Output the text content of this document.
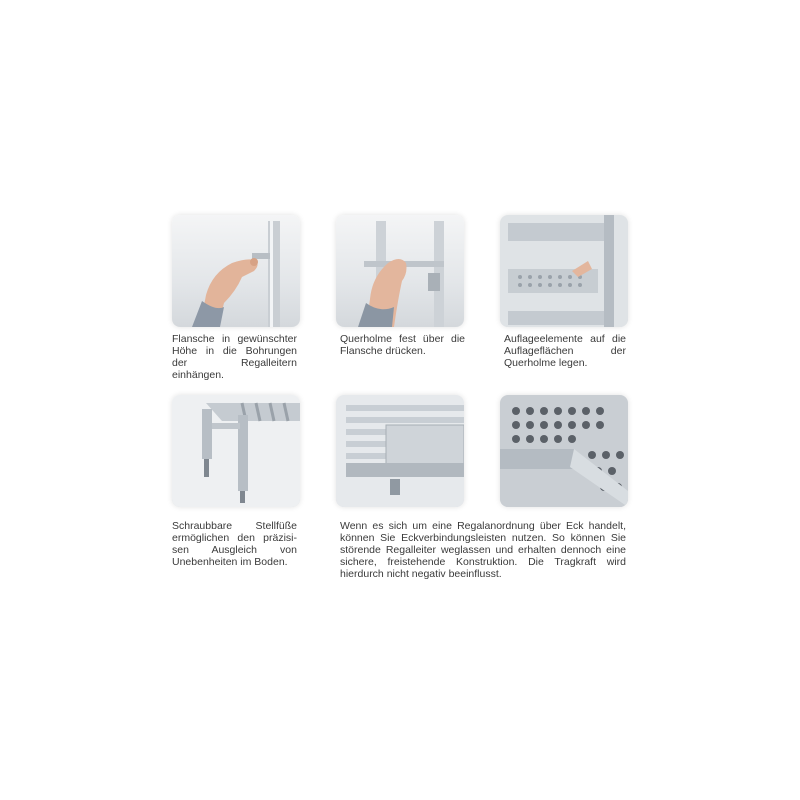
Flansche in gewünschter Höhe in die Bohrungen der Regalleitern einhängen.
Querholme fest über die Flansche drücken.
Auflageelemente auf die Auflageflächen der Querholme legen.
Schraubbare Stellfüße ermöglichen den präzisi-sen Ausgleich von Unebenheiten im Boden.
Wenn es sich um eine Regalanordnung über Eck handelt, können Sie Eckverbindungsleisten nutzen. So können Sie störende Regalleiter weglassen und erhalten dennoch eine sichere, freistehende Konstruktion. Die Tragkraft wird hierdurch nicht negativ beeinflusst.
